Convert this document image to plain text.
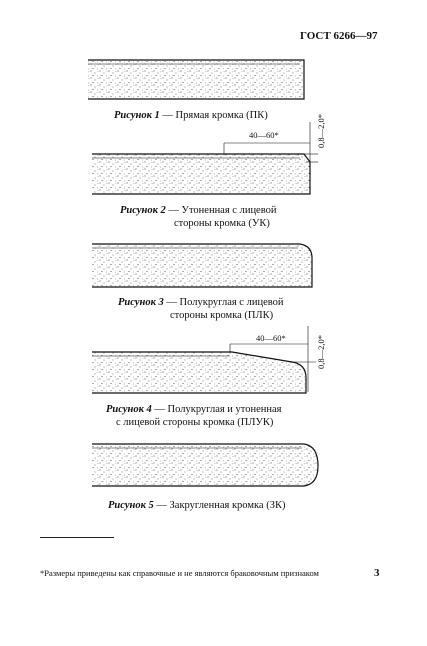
ГОСТ 6266—97
40—60*	0,8—2,0*
40—60*	0,8—2,0*
Рисунок 1 — Прямая кромка (ПК)
Рисунок 2 — Утоненная с лицевой
стороны кромка (УК)
Рисунок 3 — Полукруглая с лицевой
стороны кромка (ПЛК)
Рисунок 4 — Полукруглая и утоненная
с лицевой стороны кромка (ПЛУК)
Рисунок 5 — Закругленная кромка (ЗК)
*Размеры приведены как справочные и не являются браковочным признаком	3
